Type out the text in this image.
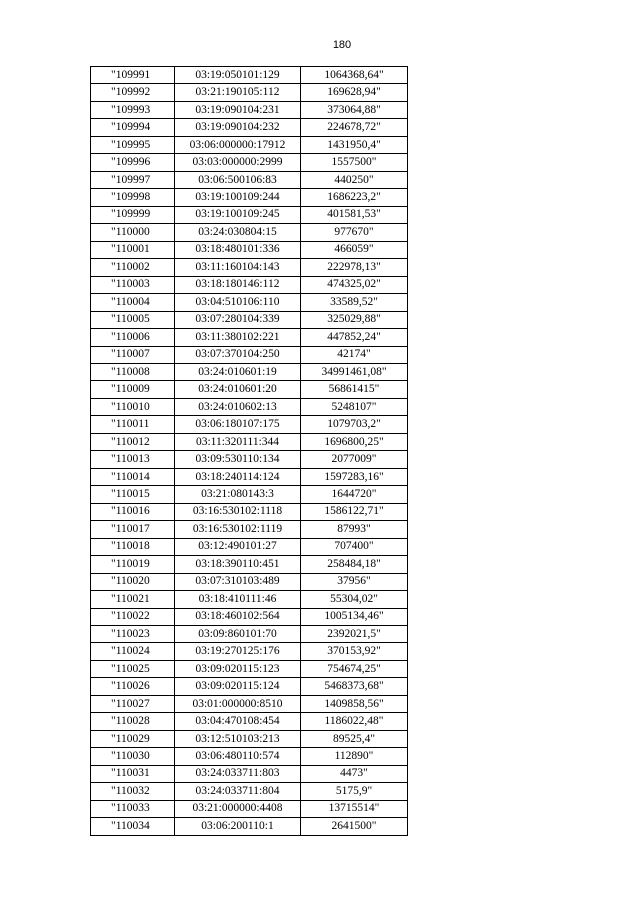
180
"109991	03:19:050101:129	1064368,64"
"109992	03:21:190105:112	169628,94"
"109993	03:19:090104:231	373064,88"
"109994	03:19:090104:232	224678,72"
"109995	03:06:000000:17912	1431950,4"
"109996	03:03:000000:2999	1557500"
"109997	03:06:500106:83	440250"
"109998	03:19:100109:244	1686223,2"
"109999	03:19:100109:245	401581,53"
"110000	03:24:030804:15	977670"
"110001	03:18:480101:336	466059"
"110002	03:11:160104:143	222978,13"
"110003	03:18:180146:112	474325,02"
"110004	03:04:510106:110	33589,52"
"110005	03:07:280104:339	325029,88"
"110006	03:11:380102:221	447852,24"
"110007	03:07:370104:250	42174"
"110008	03:24:010601:19	34991461,08"
"110009	03:24:010601:20	56861415"
"110010	03:24:010602:13	5248107"
"110011	03:06:180107:175	1079703,2"
"110012	03:11:320111:344	1696800,25"
"110013	03:09:530110:134	2077009"
"110014	03:18:240114:124	1597283,16"
"110015	03:21:080143:3	1644720"
"110016	03:16:530102:1118	1586122,71"
"110017	03:16:530102:1119	87993"
"110018	03:12:490101:27	707400"
"110019	03:18:390110:451	258484,18"
"110020	03:07:310103:489	37956"
"110021	03:18:410111:46	55304,02"
"110022	03:18:460102:564	1005134,46"
"110023	03:09:860101:70	2392021,5"
"110024	03:19:270125:176	370153,92"
"110025	03:09:020115:123	754674,25"
"110026	03:09:020115:124	5468373,68"
"110027	03:01:000000:8510	1409858,56"
"110028	03:04:470108:454	1186022,48"
"110029	03:12:510103:213	89525,4"
"110030	03:06:480110:574	112890"
"110031	03:24:033711:803	4473"
"110032	03:24:033711:804	5175,9"
"110033	03:21:000000:4408	13715514"
"110034	03:06:200110:1	2641500"
